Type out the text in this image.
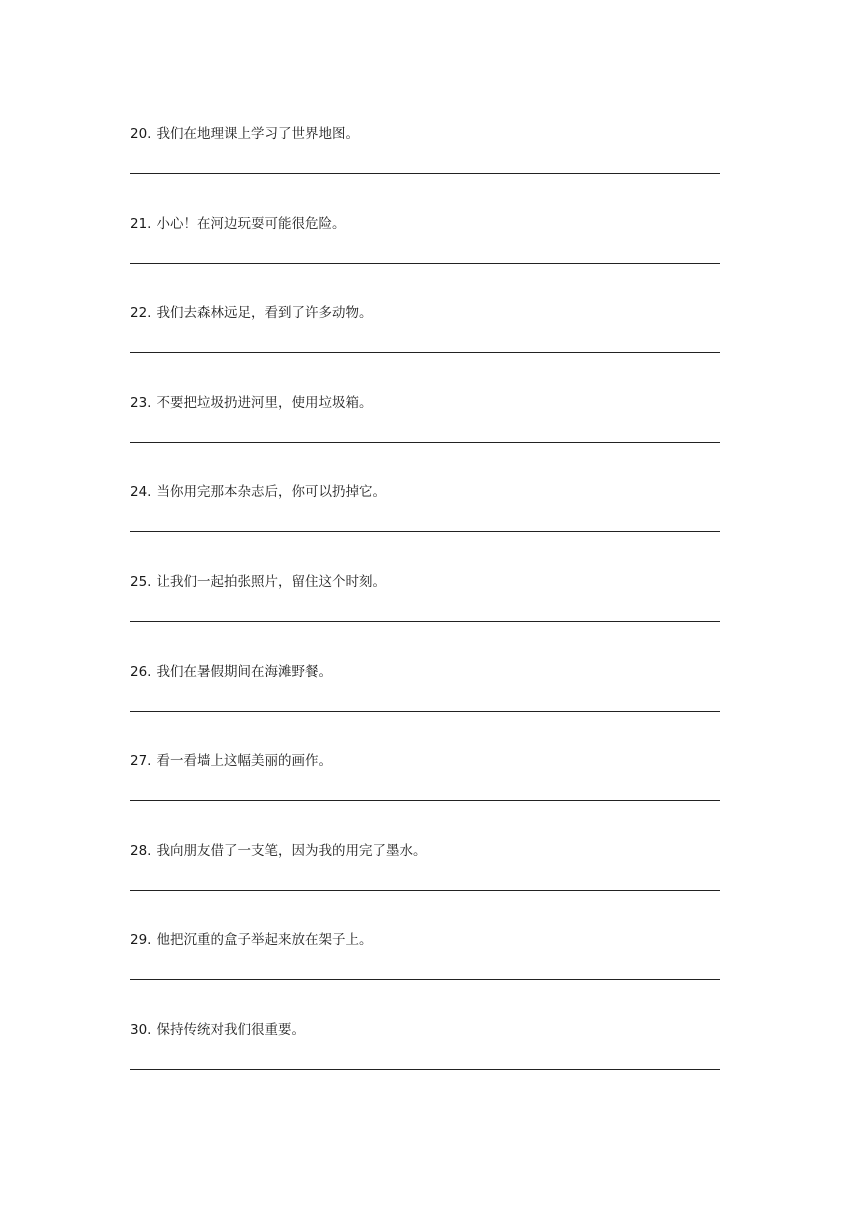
20. 我们在地理课上学习了世界地图。
21. 小心！在河边玩耍可能很危险。
22. 我们去森林远足，看到了许多动物。
23. 不要把垃圾扔进河里，使用垃圾箱。
24. 当你用完那本杂志后，你可以扔掉它。
25. 让我们一起拍张照片，留住这个时刻。
26. 我们在暑假期间在海滩野餐。
27. 看一看墙上这幅美丽的画作。
28. 我向朋友借了一支笔，因为我的用完了墨水。
29. 他把沉重的盒子举起来放在架子上。
30. 保持传统对我们很重要。
